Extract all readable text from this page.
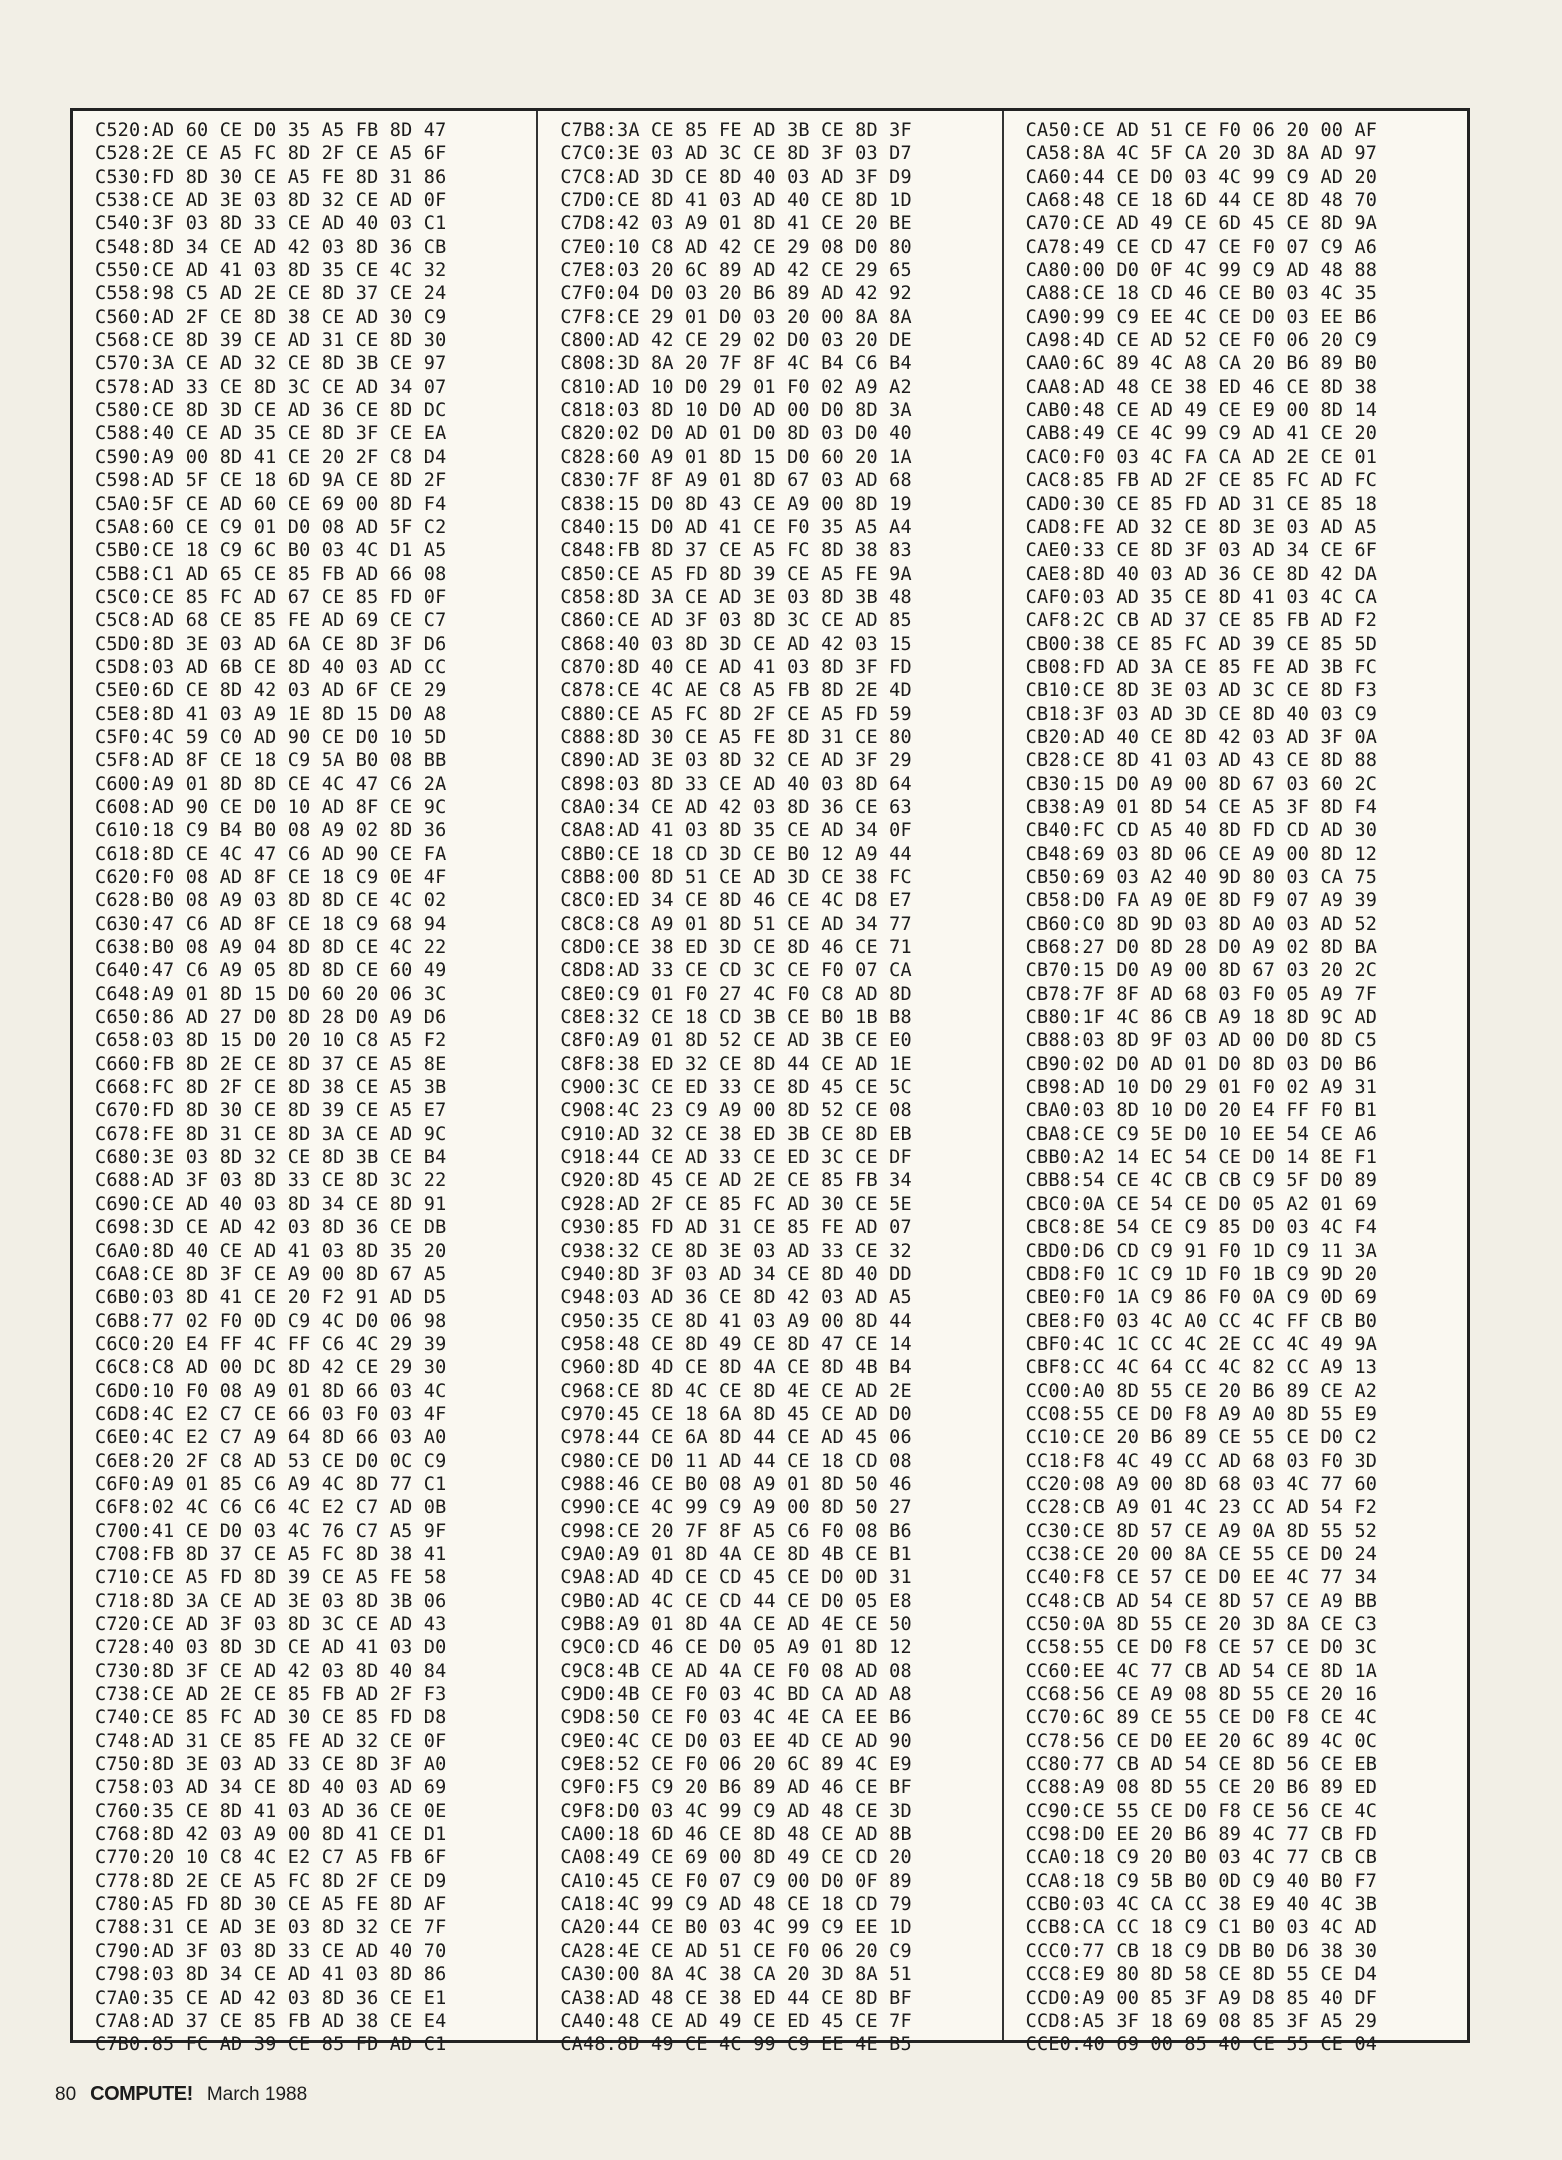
C520:AD 60 CE D0 35 A5 FB 8D 47
C528:2E CE A5 FC 8D 2F CE A5 6F
C530:FD 8D 30 CE A5 FE 8D 31 86
C538:CE AD 3E 03 8D 32 CE AD 0F
C540:3F 03 8D 33 CE AD 40 03 C1
C548:8D 34 CE AD 42 03 8D 36 CB
C550:CE AD 41 03 8D 35 CE 4C 32
C558:98 C5 AD 2E CE 8D 37 CE 24
C560:AD 2F CE 8D 38 CE AD 30 C9
C568:CE 8D 39 CE AD 31 CE 8D 30
C570:3A CE AD 32 CE 8D 3B CE 97
C578:AD 33 CE 8D 3C CE AD 34 07
C580:CE 8D 3D CE AD 36 CE 8D DC
C588:40 CE AD 35 CE 8D 3F CE EA
C590:A9 00 8D 41 CE 20 2F C8 D4
C598:AD 5F CE 18 6D 9A CE 8D 2F
C5A0:5F CE AD 60 CE 69 00 8D F4
C5A8:60 CE C9 01 D0 08 AD 5F C2
C5B0:CE 18 C9 6C B0 03 4C D1 A5
C5B8:C1 AD 65 CE 85 FB AD 66 08
C5C0:CE 85 FC AD 67 CE 85 FD 0F
C5C8:AD 68 CE 85 FE AD 69 CE C7
C5D0:8D 3E 03 AD 6A CE 8D 3F D6
C5D8:03 AD 6B CE 8D 40 03 AD CC
C5E0:6D CE 8D 42 03 AD 6F CE 29
C5E8:8D 41 03 A9 1E 8D 15 D0 A8
C5F0:4C 59 C0 AD 90 CE D0 10 5D
C5F8:AD 8F CE 18 C9 5A B0 08 BB
C600:A9 01 8D 8D CE 4C 47 C6 2A
C608:AD 90 CE D0 10 AD 8F CE 9C
C610:18 C9 B4 B0 08 A9 02 8D 36
C618:8D CE 4C 47 C6 AD 90 CE FA
C620:F0 08 AD 8F CE 18 C9 0E 4F
C628:B0 08 A9 03 8D 8D CE 4C 02
C630:47 C6 AD 8F CE 18 C9 68 94
C638:B0 08 A9 04 8D 8D CE 4C 22
C640:47 C6 A9 05 8D 8D CE 60 49
C648:A9 01 8D 15 D0 60 20 06 3C
C650:86 AD 27 D0 8D 28 D0 A9 D6
C658:03 8D 15 D0 20 10 C8 A5 F2
C660:FB 8D 2E CE 8D 37 CE A5 8E
C668:FC 8D 2F CE 8D 38 CE A5 3B
C670:FD 8D 30 CE 8D 39 CE A5 E7
C678:FE 8D 31 CE 8D 3A CE AD 9C
C680:3E 03 8D 32 CE 8D 3B CE B4
C688:AD 3F 03 8D 33 CE 8D 3C 22
C690:CE AD 40 03 8D 34 CE 8D 91
C698:3D CE AD 42 03 8D 36 CE DB
C6A0:8D 40 CE AD 41 03 8D 35 20
C6A8:CE 8D 3F CE A9 00 8D 67 A5
C6B0:03 8D 41 CE 20 F2 91 AD D5
C6B8:77 02 F0 0D C9 4C D0 06 98
C6C0:20 E4 FF 4C FF C6 4C 29 39
C6C8:C8 AD 00 DC 8D 42 CE 29 30
C6D0:10 F0 08 A9 01 8D 66 03 4C
C6D8:4C E2 C7 CE 66 03 F0 03 4F
C6E0:4C E2 C7 A9 64 8D 66 03 A0
C6E8:20 2F C8 AD 53 CE D0 0C C9
C6F0:A9 01 85 C6 A9 4C 8D 77 C1
C6F8:02 4C C6 C6 4C E2 C7 AD 0B
C700:41 CE D0 03 4C 76 C7 A5 9F
C708:FB 8D 37 CE A5 FC 8D 38 41
C710:CE A5 FD 8D 39 CE A5 FE 58
C718:8D 3A CE AD 3E 03 8D 3B 06
C720:CE AD 3F 03 8D 3C CE AD 43
C728:40 03 8D 3D CE AD 41 03 D0
C730:8D 3F CE AD 42 03 8D 40 84
C738:CE AD 2E CE 85 FB AD 2F F3
C740:CE 85 FC AD 30 CE 85 FD D8
C748:AD 31 CE 85 FE AD 32 CE 0F
C750:8D 3E 03 AD 33 CE 8D 3F A0
C758:03 AD 34 CE 8D 40 03 AD 69
C760:35 CE 8D 41 03 AD 36 CE 0E
C768:8D 42 03 A9 00 8D 41 CE D1
C770:20 10 C8 4C E2 C7 A5 FB 6F
C778:8D 2E CE A5 FC 8D 2F CE D9
C780:A5 FD 8D 30 CE A5 FE 8D AF
C788:31 CE AD 3E 03 8D 32 CE 7F
C790:AD 3F 03 8D 33 CE AD 40 70
C798:03 8D 34 CE AD 41 03 8D 86
C7A0:35 CE AD 42 03 8D 36 CE E1
C7A8:AD 37 CE 85 FB AD 38 CE E4
C7B0:85 FC AD 39 CE 85 FD AD C1
C7B8:3A CE 85 FE AD 3B CE 8D 3F
C7C0:3E 03 AD 3C CE 8D 3F 03 D7
C7C8:AD 3D CE 8D 40 03 AD 3F D9
C7D0:CE 8D 41 03 AD 40 CE 8D 1D
C7D8:42 03 A9 01 8D 41 CE 20 BE
C7E0:10 C8 AD 42 CE 29 08 D0 80
C7E8:03 20 6C 89 AD 42 CE 29 65
C7F0:04 D0 03 20 B6 89 AD 42 92
C7F8:CE 29 01 D0 03 20 00 8A 8A
C800:AD 42 CE 29 02 D0 03 20 DE
C808:3D 8A 20 7F 8F 4C B4 C6 B4
C810:AD 10 D0 29 01 F0 02 A9 A2
C818:03 8D 10 D0 AD 00 D0 8D 3A
C820:02 D0 AD 01 D0 8D 03 D0 40
C828:60 A9 01 8D 15 D0 60 20 1A
C830:7F 8F A9 01 8D 67 03 AD 68
C838:15 D0 8D 43 CE A9 00 8D 19
C840:15 D0 AD 41 CE F0 35 A5 A4
C848:FB 8D 37 CE A5 FC 8D 38 83
C850:CE A5 FD 8D 39 CE A5 FE 9A
C858:8D 3A CE AD 3E 03 8D 3B 48
C860:CE AD 3F 03 8D 3C CE AD 85
C868:40 03 8D 3D CE AD 42 03 15
C870:8D 40 CE AD 41 03 8D 3F FD
C878:CE 4C AE C8 A5 FB 8D 2E 4D
C880:CE A5 FC 8D 2F CE A5 FD 59
C888:8D 30 CE A5 FE 8D 31 CE 80
C890:AD 3E 03 8D 32 CE AD 3F 29
C898:03 8D 33 CE AD 40 03 8D 64
C8A0:34 CE AD 42 03 8D 36 CE 63
C8A8:AD 41 03 8D 35 CE AD 34 0F
C8B0:CE 18 CD 3D CE B0 12 A9 44
C8B8:00 8D 51 CE AD 3D CE 38 FC
C8C0:ED 34 CE 8D 46 CE 4C D8 E7
C8C8:C8 A9 01 8D 51 CE AD 34 77
C8D0:CE 38 ED 3D CE 8D 46 CE 71
C8D8:AD 33 CE CD 3C CE F0 07 CA
C8E0:C9 01 F0 27 4C F0 C8 AD 8D
C8E8:32 CE 18 CD 3B CE B0 1B B8
C8F0:A9 01 8D 52 CE AD 3B CE E0
C8F8:38 ED 32 CE 8D 44 CE AD 1E
C900:3C CE ED 33 CE 8D 45 CE 5C
C908:4C 23 C9 A9 00 8D 52 CE 08
C910:AD 32 CE 38 ED 3B CE 8D EB
C918:44 CE AD 33 CE ED 3C CE DF
C920:8D 45 CE AD 2E CE 85 FB 34
C928:AD 2F CE 85 FC AD 30 CE 5E
C930:85 FD AD 31 CE 85 FE AD 07
C938:32 CE 8D 3E 03 AD 33 CE 32
C940:8D 3F 03 AD 34 CE 8D 40 DD
C948:03 AD 36 CE 8D 42 03 AD A5
C950:35 CE 8D 41 03 A9 00 8D 44
C958:48 CE 8D 49 CE 8D 47 CE 14
C960:8D 4D CE 8D 4A CE 8D 4B B4
C968:CE 8D 4C CE 8D 4E CE AD 2E
C970:45 CE 18 6A 8D 45 CE AD D0
C978:44 CE 6A 8D 44 CE AD 45 06
C980:CE D0 11 AD 44 CE 18 CD 08
C988:46 CE B0 08 A9 01 8D 50 46
C990:CE 4C 99 C9 A9 00 8D 50 27
C998:CE 20 7F 8F A5 C6 F0 08 B6
C9A0:A9 01 8D 4A CE 8D 4B CE B1
C9A8:AD 4D CE CD 45 CE D0 0D 31
C9B0:AD 4C CE CD 44 CE D0 05 E8
C9B8:A9 01 8D 4A CE AD 4E CE 50
C9C0:CD 46 CE D0 05 A9 01 8D 12
C9C8:4B CE AD 4A CE F0 08 AD 08
C9D0:4B CE F0 03 4C BD CA AD A8
C9D8:50 CE F0 03 4C 4E CA EE B6
C9E0:4C CE D0 03 EE 4D CE AD 90
C9E8:52 CE F0 06 20 6C 89 4C E9
C9F0:F5 C9 20 B6 89 AD 46 CE BF
C9F8:D0 03 4C 99 C9 AD 48 CE 3D
CA00:18 6D 46 CE 8D 48 CE AD 8B
CA08:49 CE 69 00 8D 49 CE CD 20
CA10:45 CE F0 07 C9 00 D0 0F 89
CA18:4C 99 C9 AD 48 CE 18 CD 79
CA20:44 CE B0 03 4C 99 C9 EE 1D
CA28:4E CE AD 51 CE F0 06 20 C9
CA30:00 8A 4C 38 CA 20 3D 8A 51
CA38:AD 48 CE 38 ED 44 CE 8D BF
CA40:48 CE AD 49 CE ED 45 CE 7F
CA48:8D 49 CE 4C 99 C9 EE 4E B5
CA50:CE AD 51 CE F0 06 20 00 AF
CA58:8A 4C 5F CA 20 3D 8A AD 97
CA60:44 CE D0 03 4C 99 C9 AD 20
CA68:48 CE 18 6D 44 CE 8D 48 70
CA70:CE AD 49 CE 6D 45 CE 8D 9A
CA78:49 CE CD 47 CE F0 07 C9 A6
CA80:00 D0 0F 4C 99 C9 AD 48 88
CA88:CE 18 CD 46 CE B0 03 4C 35
CA90:99 C9 EE 4C CE D0 03 EE B6
CA98:4D CE AD 52 CE F0 06 20 C9
CAA0:6C 89 4C A8 CA 20 B6 89 B0
CAA8:AD 48 CE 38 ED 46 CE 8D 38
CAB0:48 CE AD 49 CE E9 00 8D 14
CAB8:49 CE 4C 99 C9 AD 41 CE 20
CAC0:F0 03 4C FA CA AD 2E CE 01
CAC8:85 FB AD 2F CE 85 FC AD FC
CAD0:30 CE 85 FD AD 31 CE 85 18
CAD8:FE AD 32 CE 8D 3E 03 AD A5
CAE0:33 CE 8D 3F 03 AD 34 CE 6F
CAE8:8D 40 03 AD 36 CE 8D 42 DA
CAF0:03 AD 35 CE 8D 41 03 4C CA
CAF8:2C CB AD 37 CE 85 FB AD F2
CB00:38 CE 85 FC AD 39 CE 85 5D
CB08:FD AD 3A CE 85 FE AD 3B FC
CB10:CE 8D 3E 03 AD 3C CE 8D F3
CB18:3F 03 AD 3D CE 8D 40 03 C9
CB20:AD 40 CE 8D 42 03 AD 3F 0A
CB28:CE 8D 41 03 AD 43 CE 8D 88
CB30:15 D0 A9 00 8D 67 03 60 2C
CB38:A9 01 8D 54 CE A5 3F 8D F4
CB40:FC CD A5 40 8D FD CD AD 30
CB48:69 03 8D 06 CE A9 00 8D 12
CB50:69 03 A2 40 9D 80 03 CA 75
CB58:D0 FA A9 0E 8D F9 07 A9 39
CB60:C0 8D 9D 03 8D A0 03 AD 52
CB68:27 D0 8D 28 D0 A9 02 8D BA
CB70:15 D0 A9 00 8D 67 03 20 2C
CB78:7F 8F AD 68 03 F0 05 A9 7F
CB80:1F 4C 86 CB A9 18 8D 9C AD
CB88:03 8D 9F 03 AD 00 D0 8D C5
CB90:02 D0 AD 01 D0 8D 03 D0 B6
CB98:AD 10 D0 29 01 F0 02 A9 31
CBA0:03 8D 10 D0 20 E4 FF F0 B1
CBA8:CE C9 5E D0 10 EE 54 CE A6
CBB0:A2 14 EC 54 CE D0 14 8E F1
CBB8:54 CE 4C CB CB C9 5F D0 89
CBC0:0A CE 54 CE D0 05 A2 01 69
CBC8:8E 54 CE C9 85 D0 03 4C F4
CBD0:D6 CD C9 91 F0 1D C9 11 3A
CBD8:F0 1C C9 1D F0 1B C9 9D 20
CBE0:F0 1A C9 86 F0 0A C9 0D 69
CBE8:F0 03 4C A0 CC 4C FF CB B0
CBF0:4C 1C CC 4C 2E CC 4C 49 9A
CBF8:CC 4C 64 CC 4C 82 CC A9 13
CC00:A0 8D 55 CE 20 B6 89 CE A2
CC08:55 CE D0 F8 A9 A0 8D 55 E9
CC10:CE 20 B6 89 CE 55 CE D0 C2
CC18:F8 4C 49 CC AD 68 03 F0 3D
CC20:08 A9 00 8D 68 03 4C 77 60
CC28:CB A9 01 4C 23 CC AD 54 F2
CC30:CE 8D 57 CE A9 0A 8D 55 52
CC38:CE 20 00 8A CE 55 CE D0 24
CC40:F8 CE 57 CE D0 EE 4C 77 34
CC48:CB AD 54 CE 8D 57 CE A9 BB
CC50:0A 8D 55 CE 20 3D 8A CE C3
CC58:55 CE D0 F8 CE 57 CE D0 3C
CC60:EE 4C 77 CB AD 54 CE 8D 1A
CC68:56 CE A9 08 8D 55 CE 20 16
CC70:6C 89 CE 55 CE D0 F8 CE 4C
CC78:56 CE D0 EE 20 6C 89 4C 0C
CC80:77 CB AD 54 CE 8D 56 CE EB
CC88:A9 08 8D 55 CE 20 B6 89 ED
CC90:CE 55 CE D0 F8 CE 56 CE 4C
CC98:D0 EE 20 B6 89 4C 77 CB FD
CCA0:18 C9 20 B0 03 4C 77 CB CB
CCA8:18 C9 5B B0 0D C9 40 B0 F7
CCB0:03 4C CA CC 38 E9 40 4C 3B
CCB8:CA CC 18 C9 C1 B0 03 4C AD
CCC0:77 CB 18 C9 DB B0 D6 38 30
CCC8:E9 80 8D 58 CE 8D 55 CE D4
CCD0:A9 00 85 3F A9 D8 85 40 DF
CCD8:A5 3F 18 69 08 85 3F A5 29
CCE0:40 69 00 85 40 CE 55 CE 04
80 COMPUTE! March 1988
